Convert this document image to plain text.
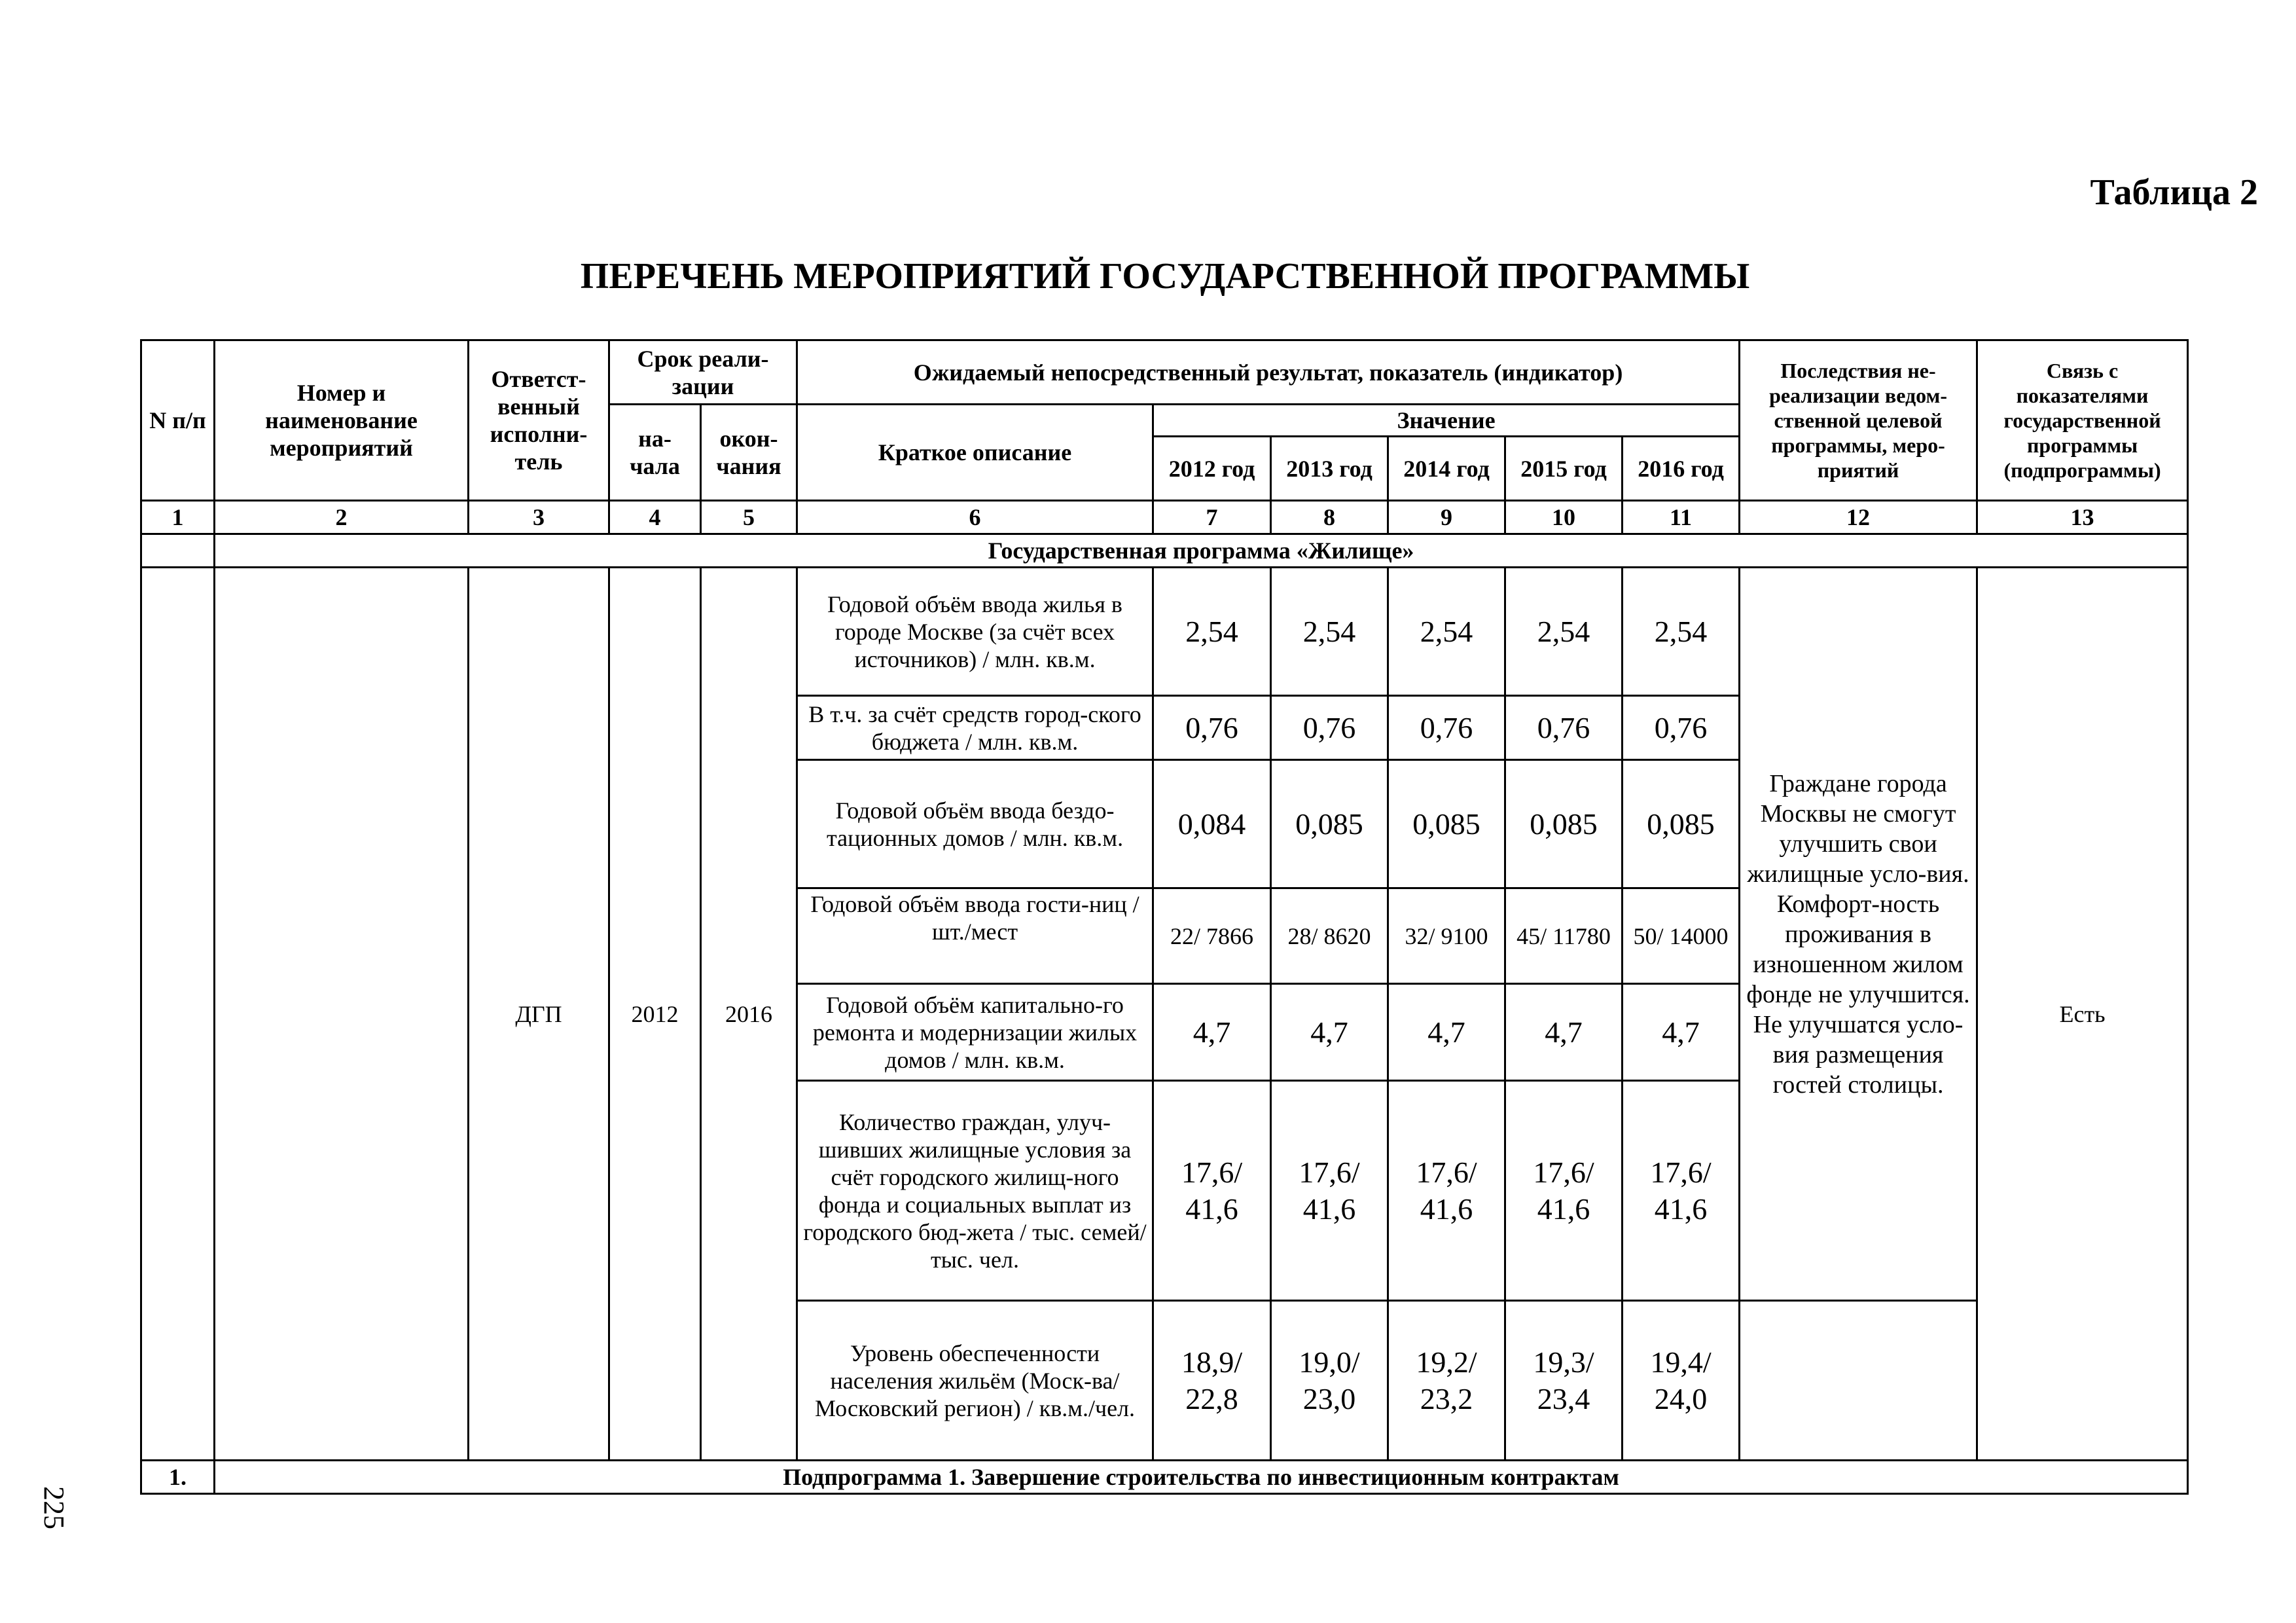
Таблица 2
ПЕРЕЧЕНЬ МЕРОПРИЯТИЙ ГОСУДАРСТВЕННОЙ ПРОГРАММЫ
225
N п/п	Номер и наименование мероприятий	Ответст-венный исполни-тель	Срок реали-зации		Ожидаемый непосредственный результат, показатель (индикатор)						Последствия не-реализации ведом-ственной целевой программы, меро-приятий	Связь с показателями государственной программы (подпрограммы)
			на-чала	окон-чания	Краткое описание	Значение						
						2012 год	2013 год	2014 год	2015 год	2016 год		
1	2	3	4	5	6	7	8	9	10	11	12	13
	Государственная программа «Жилище»											
		ДГП	2012	2016	Годовой объём ввода жилья в городе Москве (за счёт всех источников) / млн. кв.м.	2,54	2,54	2,54	2,54	2,54	Граждане города Москвы не смогут улучшить свои жилищные усло-вия. Комфорт-ность проживания в изношенном жилом фонде не улучшится. Не улучшатся усло-вия размещения гостей столицы.	Есть
					В т.ч. за счёт средств город-ского бюджета / млн. кв.м.	0,76	0,76	0,76	0,76	0,76		
					Годовой объём ввода бездо-тационных домов / млн. кв.м.	0,084	0,085	0,085	0,085	0,085		
					Годовой объём ввода гости-ниц / шт./мест	22/ 7866	28/ 8620	32/ 9100	45/ 11780	50/ 14000		
					Годовой объём капитально-го ремонта и модернизации жилых домов / млн. кв.м.	4,7	4,7	4,7	4,7	4,7		
					Количество граждан, улуч-шивших жилищные условия за счёт городского жилищ-ного фонда и социальных выплат из городского бюд-жета / тыс. семей/тыс. чел.	17,6/ 41,6	17,6/ 41,6	17,6/ 41,6	17,6/ 41,6	17,6/ 41,6		
					Уровень обеспеченности населения жильём (Моск-ва/Московский регион) / кв.м./чел.	18,9/ 22,8	19,0/ 23,0	19,2/ 23,2	19,3/ 23,4	19,4/ 24,0		
1.	Подпрограмма 1. Завершение строительства по инвестиционным контрактам											
